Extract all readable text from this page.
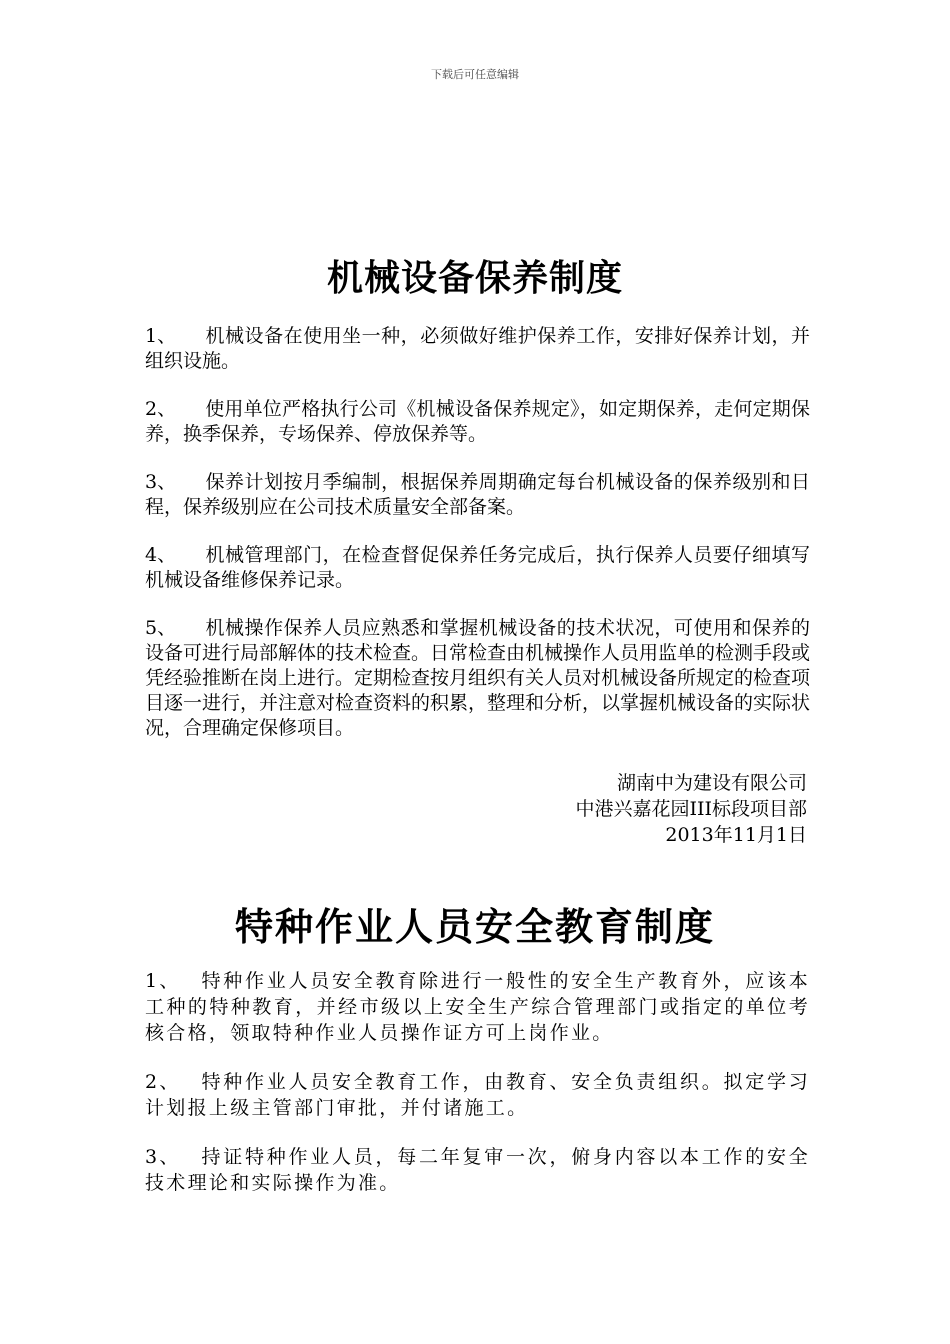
下载后可任意编辑
机械设备保养制度

1、 机械设备在使用坐一种，必须做好维护保养工作，安排好保养计划，并组织设施。

2、 使用单位严格执行公司《机械设备保养规定》，如定期保养，走何定期保养，换季保养，专场保养、停放保养等。

3、 保养计划按月季编制，根据保养周期确定每台机械设备的保养级别和日程，保养级别应在公司技术质量安全部备案。

4、 机械管理部门，在检查督促保养任务完成后，执行保养人员要仔细填写机械设备维修保养记录。

5、 机械操作保养人员应熟悉和掌握机械设备的技术状况，可使用和保养的设备可进行局部解体的技术检查。日常检查由机械操作人员用监单的检测手段或凭经验推断在岗上进行。定期检查按月组织有关人员对机械设备所规定的检查项目逐一进行，并注意对检查资料的积累，整理和分析，以掌握机械设备的实际状况，合理确定保修项目。

湖南中为建设有限公司
中港兴嘉花园III标段项目部
2013年11月1日
特种作业人员安全教育制度

1、 特种作业人员安全教育除进行一般性的安全生产教育外，应该本工种的特种教育，并经市级以上安全生产综合管理部门或指定的单位考核合格，领取特种作业人员操作证方可上岗作业。

2、 特种作业人员安全教育工作，由教育、安全负责组织。拟定学习计划报上级主管部门审批，并付诸施工。

3、 持证特种作业人员，每二年复审一次，俯身内容以本工作的安全技术理论和实际操作为准。
